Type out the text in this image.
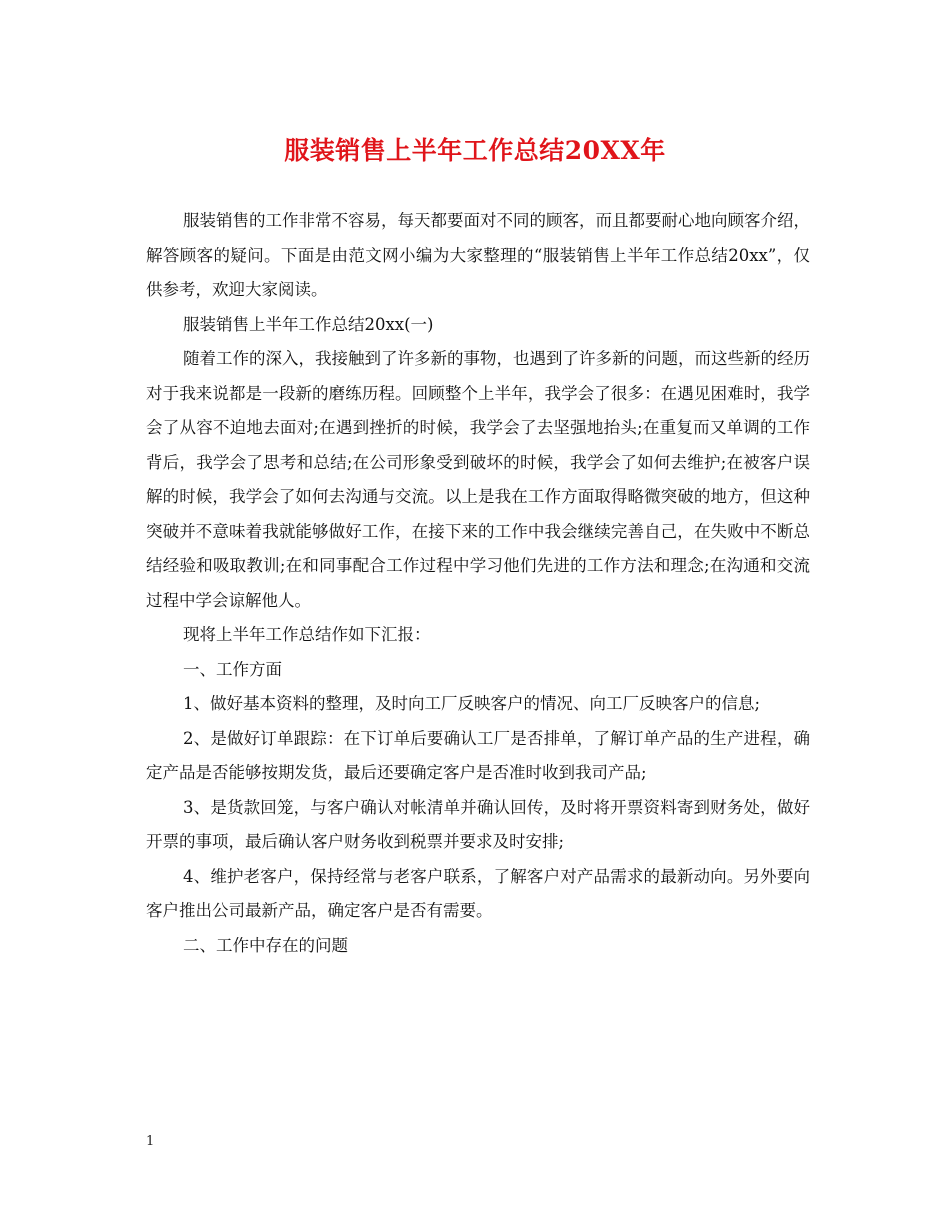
服装销售上半年工作总结20XX年

服装销售的工作非常不容易，每天都要面对不同的顾客，而且都要耐心地向顾客介绍，解答顾客的疑问。下面是由范文网小编为大家整理的“服装销售上半年工作总结20xx”，仅供参考，欢迎大家阅读。

服装销售上半年工作总结20xx(一)

随着工作的深入，我接触到了许多新的事物，也遇到了许多新的问题，而这些新的经历对于我来说都是一段新的磨练历程。回顾整个上半年，我学会了很多：在遇见困难时，我学会了从容不迫地去面对;在遇到挫折的时候，我学会了去坚强地抬头;在重复而又单调的工作背后，我学会了思考和总结;在公司形象受到破坏的时候，我学会了如何去维护;在被客户误解的时候，我学会了如何去沟通与交流。以上是我在工作方面取得略微突破的地方，但这种突破并不意味着我就能够做好工作，在接下来的工作中我会继续完善自己，在失败中不断总结经验和吸取教训;在和同事配合工作过程中学习他们先进的工作方法和理念;在沟通和交流过程中学会谅解他人。

现将上半年工作总结作如下汇报：

一、工作方面

1、做好基本资料的整理，及时向工厂反映客户的情况、向工厂反映客户的信息;

2、是做好订单跟踪：在下订单后要确认工厂是否排单，了解订单产品的生产进程，确定产品是否能够按期发货，最后还要确定客户是否准时收到我司产品;

3、是货款回笼，与客户确认对帐清单并确认回传，及时将开票资料寄到财务处，做好开票的事项，最后确认客户财务收到税票并要求及时安排;

4、维护老客户，保持经常与老客户联系，了解客户对产品需求的最新动向。另外要向客户推出公司最新产品，确定客户是否有需要。

二、工作中存在的问题

1
